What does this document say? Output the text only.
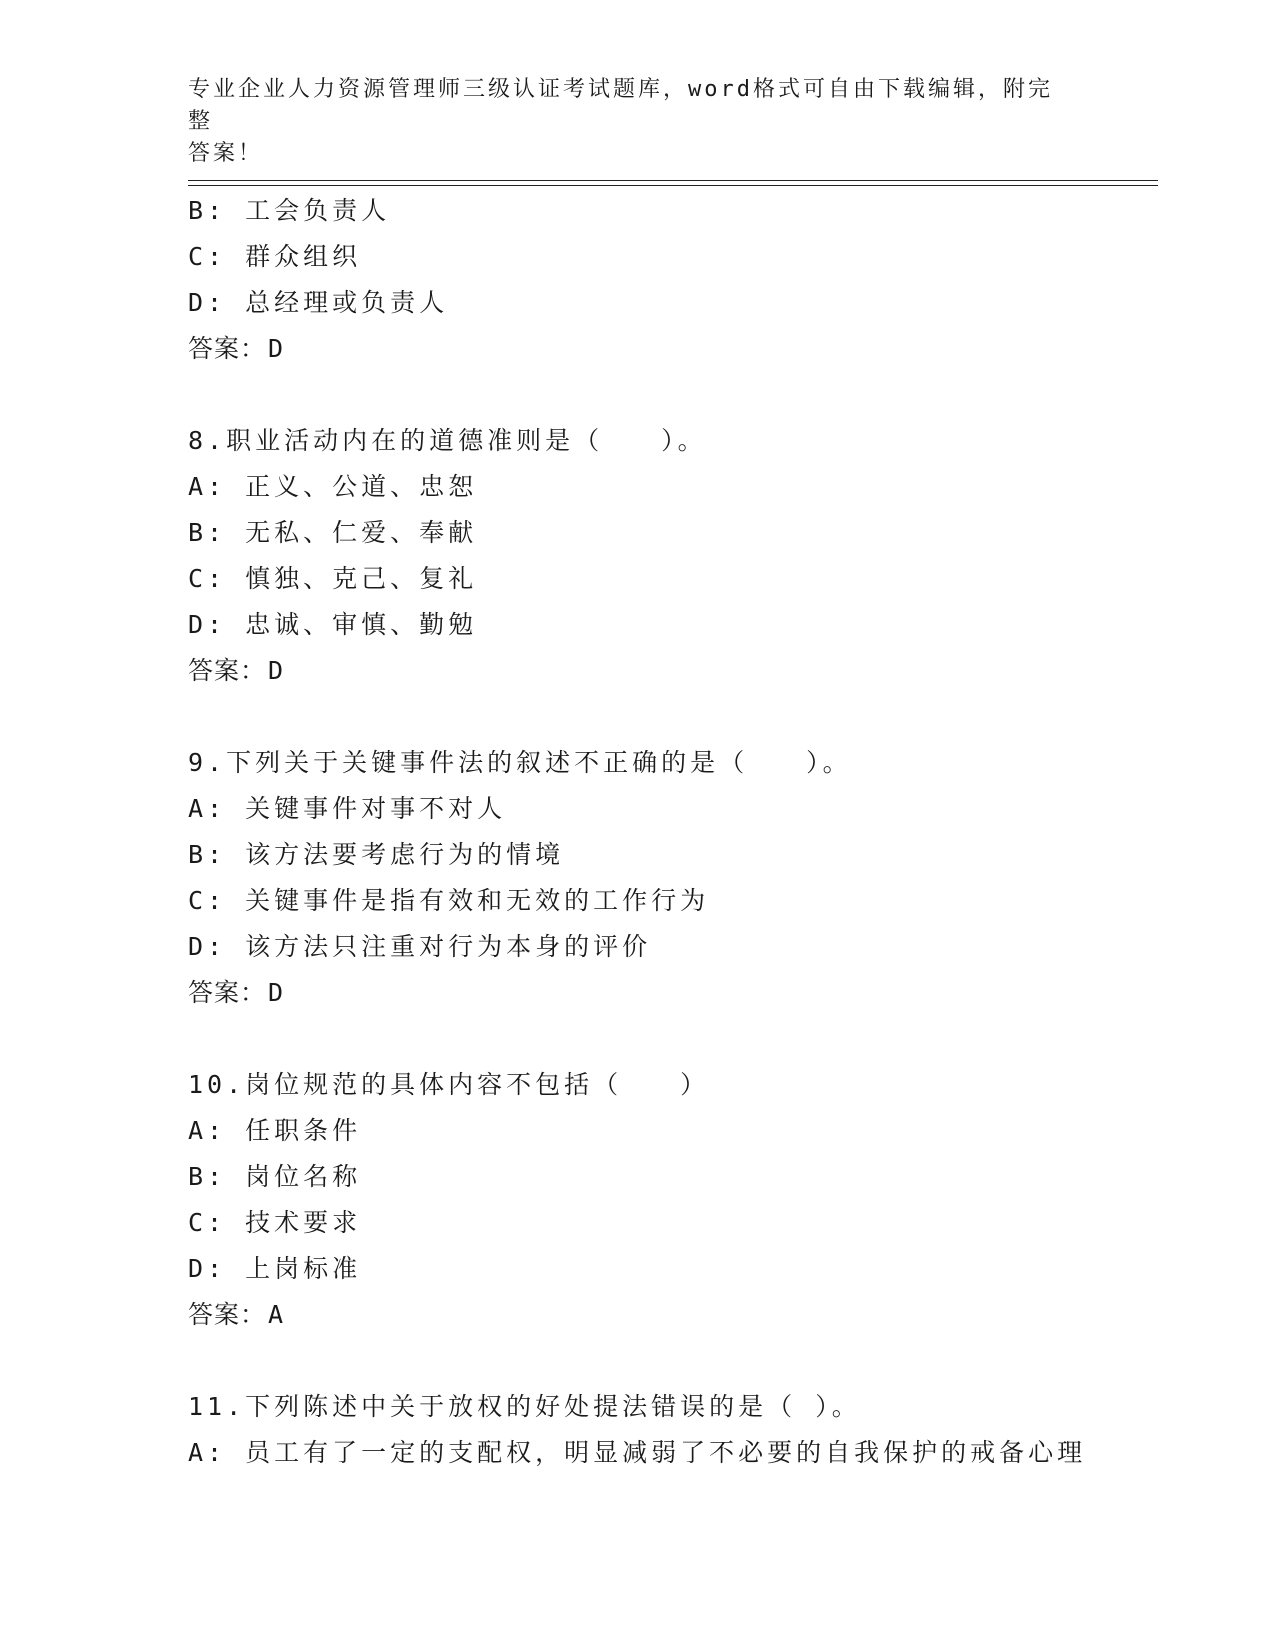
专业企业人力资源管理师三级认证考试题库，word格式可自由下载编辑，附完整
答案！
B: 工会负责人
C: 群众组织
D: 总经理或负责人
答案：D
8.职业活动内在的道德准则是（　　）。
A: 正义、公道、忠恕
B: 无私、仁爱、奉献
C: 慎独、克己、复礼
D: 忠诚、审慎、勤勉
答案：D
9.下列关于关键事件法的叙述不正确的是（　　）。
A: 关键事件对事不对人
B: 该方法要考虑行为的情境
C: 关键事件是指有效和无效的工作行为
D: 该方法只注重对行为本身的评价
答案：D
10.岗位规范的具体内容不包括（　　）
A: 任职条件
B: 岗位名称
C: 技术要求
D: 上岗标准
答案：A
11.下列陈述中关于放权的好处提法错误的是（ ）。
A: 员工有了一定的支配权，明显减弱了不必要的自我保护的戒备心理
